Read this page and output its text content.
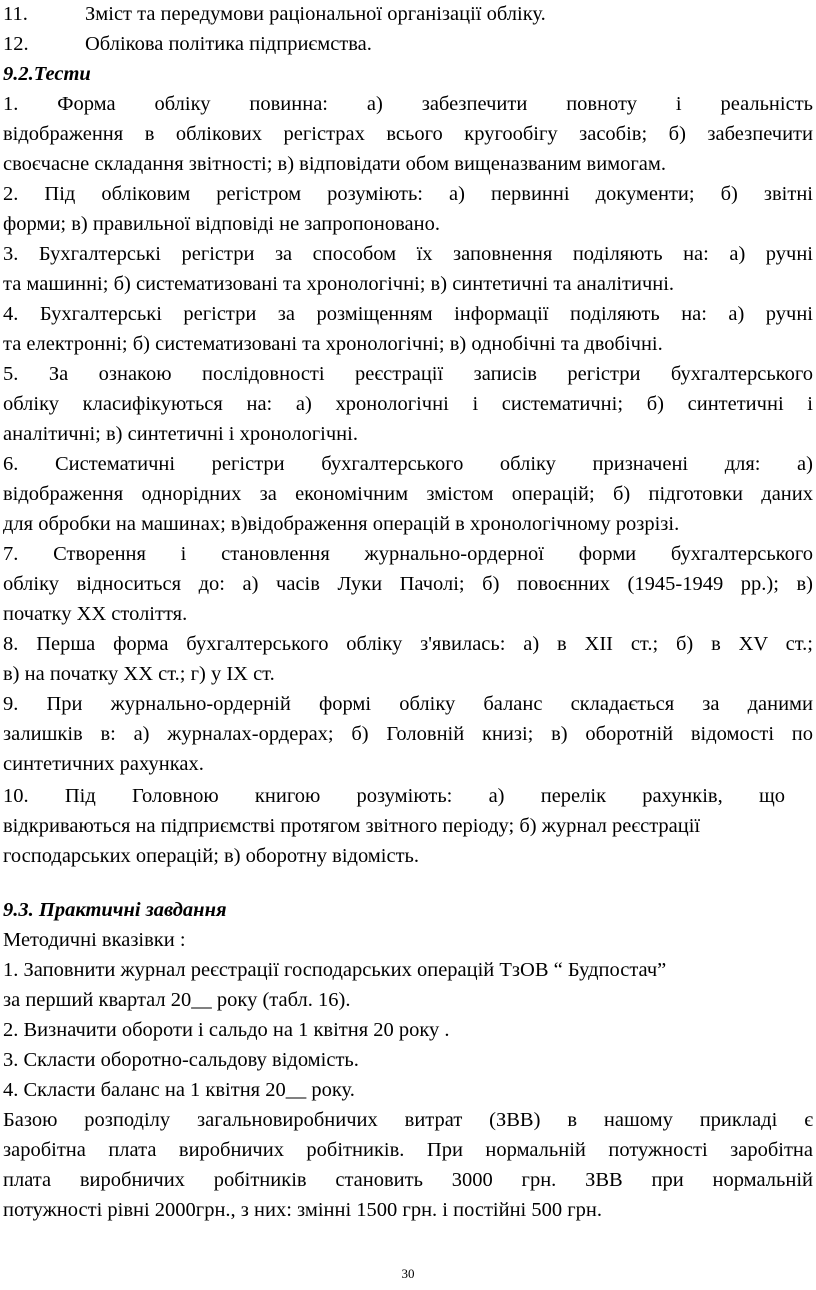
11.	Зміст та передумови раціональної організації обліку.
12.	Облікова політика підприємства.
9.2.Тести
1. Форма обліку повинна: а) забезпечити повноту і реальність
відображення в облікових регістрах всього кругообігу засобів; б) забезпечити
своєчасне складання звітності; в) відповідати обом вищеназваним вимогам.
2. Під обліковим регістром розуміють: а) первинні документи; б) звітні
форми; в) правильної відповіді не запропоновано.
3. Бухгалтерські регістри за способом їх заповнення поділяють на: а) ручні
та машинні; б) систематизовані та хронологічні; в) синтетичні та аналітичні.
4. Бухгалтерські регістри за розміщенням інформації поділяють на: а) ручні
та електронні; б) систематизовані та хронологічні; в) однобічні та двобічні.
5. За ознакою послідовності реєстрації записів регістри бухгалтерського
обліку класифікуються на: а) хронологічні і систематичні; б) синтетичні і
аналітичні; в) синтетичні і хронологічні.
6. Систематичні регістри бухгалтерського обліку призначені для: а)
відображення однорідних за економічним змістом операцій; б) підготовки даних
для обробки на машинах; в)відображення операцій в хронологічному розрізі.
7. Створення і становлення журнально-ордерної форми бухгалтерського
обліку відноситься до: а) часів Луки Пачолі; б) повоєнних (1945-1949 рр.); в)
початку XX століття.
8. Перша форма бухгалтерського обліку з'явилась: а) в XII ст.; б) в XV ст.;
в) на початку XX ст.; г) у IX ст.
9. При журнально-ордерній формі обліку баланс складається за даними
залишків в: а) журналах-ордерах; б) Головній книзі; в) оборотній відомості по
синтетичних рахунках.
10. Під Головною книгою розуміють: а) перелік рахунків, що
відкриваються на підприємстві протягом звітного періоду; б) журнал реєстрації
господарських операцій; в) оборотну відомість.
9.3. Практичні завдання
Методичні вказівки :
1. Заповнити журнал реєстрації господарських операцій ТзОВ “ Будпостач”
за перший квартал 20__ року (табл. 16).
2. Визначити обороти і сальдо на 1 квітня 20 року .
3. Скласти оборотно-сальдову відомість.
4. Скласти баланс на 1 квітня 20__ року.
Базою розподілу загальновиробничих витрат (ЗВВ) в нашому прикладі є
заробітна плата виробничих робітників. При нормальній потужності заробітна
плата виробничих робітників становить 3000 грн. ЗВВ при нормальній
потужності рівні 2000грн., з них: змінні 1500 грн. і постійні 500 грн.
30
